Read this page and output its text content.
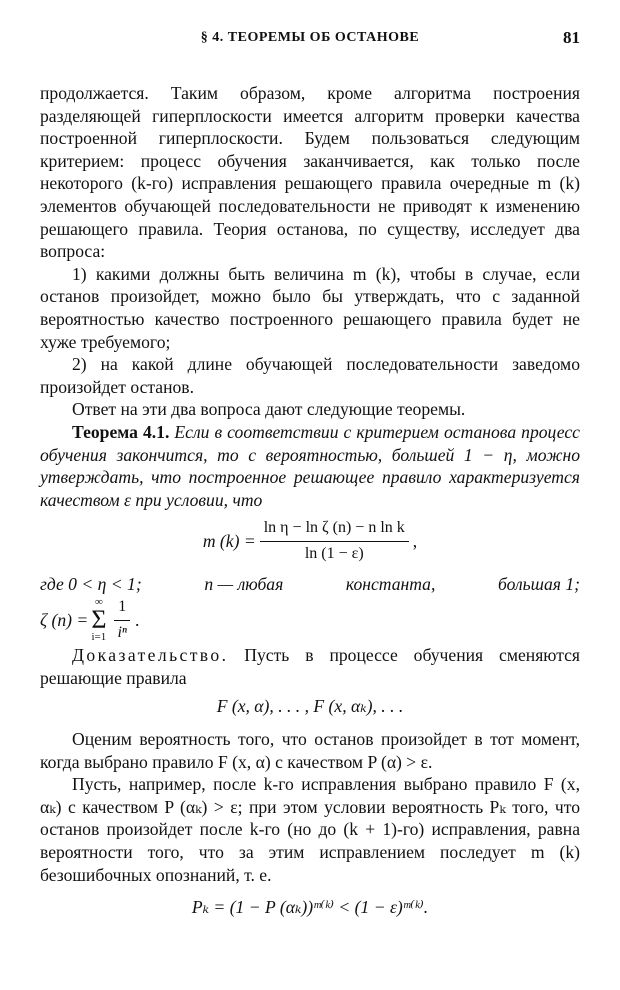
§ 4. ТЕОРЕМЫ ОБ ОСТАНОВЕ	81

продолжается. Таким образом, кроме алгоритма построения разделяющей гиперплоскости имеется алгоритм проверки качества построенной гиперплоскости. Будем пользоваться следующим критерием: процесс обучения заканчивается, как только после некоторого (k-го) исправления решающего правила очередные m (k) элементов обучающей последовательности не приводят к изменению решающего правила. Теория останова, по существу, исследует два вопроса:

1) какими должны быть величина m (k), чтобы в случае, если останов произойдет, можно было бы утверждать, что с заданной вероятностью качество построенного решающего правила будет не хуже требуемого;

2) на какой длине обучающей последовательности заведомо произойдет останов.

Ответ на эти два вопроса дают следующие теоремы.

Теорема 4.1. Если в соответствии с критерием останова процесс обучения закончится, то с вероятностью, большей 1 − η, можно утверждать, что построенное решающее правило характеризуется качеством ε при условии, что

m $(k) = \frac{\text{ln η − ln ζ (n) − n ln k}}{\ln (1 - \varepsilon)}$ ,
где 0 < η < 1;	n — любая	константа,	большая 1;
ζ (n) =
∞
Σ
$i=1 \frac{1}{\text{iⁿ}}$ .

Доказательство. Пусть в процессе обучения сменяются решающие правила

F (x, α), . . . , F (x, αₖ), . . .

Оценим вероятность того, что останов произойдет в тот момент, когда выбрано правило F (x, α) с качеством P (α) > ε.

Пусть, например, после k-го исправления выбрано правило F (x, αₖ) с качеством P (αₖ) > ε; при этом условии вероятность Pₖ того, что останов произойдет после k-го (но до (k + 1)-го) исправления, равна вероятности того, что за этим исправлением последует m (k) безошибочных опознаний, т. е.

Pₖ = (1 − P (αₖ))ᵐ⁽ᵏ⁾ < (1 − ε)ᵐ⁽ᵏ⁾.
